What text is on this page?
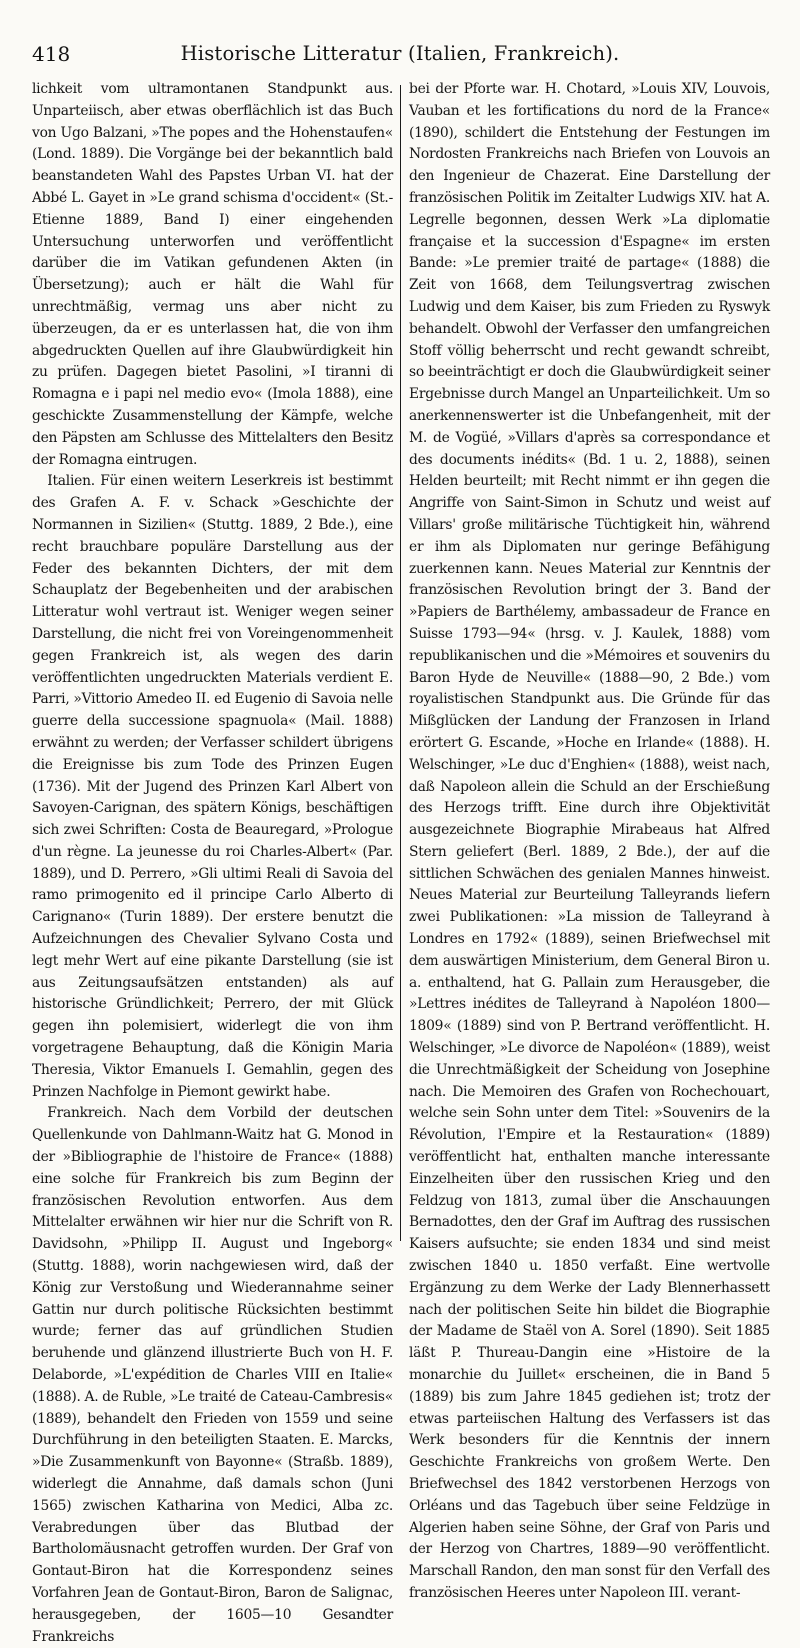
418	Historische Litteratur (Italien, Frankreich).

lichkeit vom ultramontanen Standpunkt aus. Unparteiisch, aber etwas oberflächlich ist das Buch von Ugo Balzani, »The popes and the Hohenstaufen« (Lond. 1889). Die Vorgänge bei der bekanntlich bald beanstandeten Wahl des Papstes Urban VI. hat der Abbé L. Gayet in »Le grand schisma d'occident« (St.-Etienne 1889, Band I) einer eingehenden Untersuchung unterworfen und veröffentlicht darüber die im Vatikan gefundenen Akten (in Übersetzung); auch er hält die Wahl für unrechtmäßig, vermag uns aber nicht zu überzeugen, da er es unterlassen hat, die von ihm abgedruckten Quellen auf ihre Glaubwürdigkeit hin zu prüfen. Dagegen bietet Pasolini, »I tiranni di Romagna e i papi nel medio evo« (Imola 1888), eine geschickte Zusammenstellung der Kämpfe, welche den Päpsten am Schlusse des Mittelalters den Besitz der Romagna eintrugen.

Italien. Für einen weitern Leserkreis ist bestimmt des Grafen A. F. v. Schack »Geschichte der Normannen in Sizilien« (Stuttg. 1889, 2 Bde.), eine recht brauchbare populäre Darstellung aus der Feder des bekannten Dichters, der mit dem Schauplatz der Begebenheiten und der arabischen Litteratur wohl vertraut ist. Weniger wegen seiner Darstellung, die nicht frei von Voreingenommenheit gegen Frankreich ist, als wegen des darin veröffentlichten ungedruckten Materials verdient E. Parri, »Vittorio Amedeo II. ed Eugenio di Savoia nelle guerre della successione spagnuola« (Mail. 1888) erwähnt zu werden; der Verfasser schildert übrigens die Ereignisse bis zum Tode des Prinzen Eugen (1736). Mit der Jugend des Prinzen Karl Albert von Savoyen-Carignan, des spätern Königs, beschäftigen sich zwei Schriften: Costa de Beauregard, »Prologue d'un règne. La jeunesse du roi Charles-Albert« (Par. 1889), und D. Perrero, »Gli ultimi Reali di Savoia del ramo primogenito ed il principe Carlo Alberto di Carignano« (Turin 1889). Der erstere benutzt die Aufzeichnungen des Chevalier Sylvano Costa und legt mehr Wert auf eine pikante Darstellung (sie ist aus Zeitungsaufsätzen entstanden) als auf historische Gründlichkeit; Perrero, der mit Glück gegen ihn polemisiert, widerlegt die von ihm vorgetragene Behauptung, daß die Königin Maria Theresia, Viktor Emanuels I. Gemahlin, gegen des Prinzen Nachfolge in Piemont gewirkt habe.

Frankreich. Nach dem Vorbild der deutschen Quellenkunde von Dahlmann-Waitz hat G. Monod in der »Bibliographie de l'histoire de France« (1888) eine solche für Frankreich bis zum Beginn der französischen Revolution entworfen. Aus dem Mittelalter erwähnen wir hier nur die Schrift von R. Davidsohn, »Philipp II. August und Ingeborg« (Stuttg. 1888), worin nachgewiesen wird, daß der König zur Verstoßung und Wiederannahme seiner Gattin nur durch politische Rücksichten bestimmt wurde; ferner das auf gründlichen Studien beruhende und glänzend illustrierte Buch von H. F. Delaborde, »L'expédition de Charles VIII en Italie« (1888). A. de Ruble, »Le traité de Cateau-Cambresis« (1889), behandelt den Frieden von 1559 und seine Durchführung in den beteiligten Staaten. E. Marcks, »Die Zusammenkunft von Bayonne« (Straßb. 1889), widerlegt die Annahme, daß damals schon (Juni 1565) zwischen Katharina von Medici, Alba zc. Verabredungen über das Blutbad der Bartholomäusnacht getroffen wurden. Der Graf von Gontaut-Biron hat die Korrespondenz seines Vorfahren Jean de Gontaut-Biron, Baron de Salignac, herausgegeben, der 1605—10 Gesandter Frankreichs

bei der Pforte war. H. Chotard, »Louis XIV, Louvois, Vauban et les fortifications du nord de la France« (1890), schildert die Entstehung der Festungen im Nordosten Frankreichs nach Briefen von Louvois an den Ingenieur de Chazerat. Eine Darstellung der französischen Politik im Zeitalter Ludwigs XIV. hat A. Legrelle begonnen, dessen Werk »La diplomatie française et la succession d'Espagne« im ersten Bande: »Le premier traité de partage« (1888) die Zeit von 1668, dem Teilungsvertrag zwischen Ludwig und dem Kaiser, bis zum Frieden zu Ryswyk behandelt. Obwohl der Verfasser den umfangreichen Stoff völlig beherrscht und recht gewandt schreibt, so beeinträchtigt er doch die Glaubwürdigkeit seiner Ergebnisse durch Mangel an Unparteilichkeit. Um so anerkennenswerter ist die Unbefangenheit, mit der M. de Vogüé, »Villars d'après sa correspondance et des documents inédits« (Bd. 1 u. 2, 1888), seinen Helden beurteilt; mit Recht nimmt er ihn gegen die Angriffe von Saint-Simon in Schutz und weist auf Villars' große militärische Tüchtigkeit hin, während er ihm als Diplomaten nur geringe Befähigung zuerkennen kann. Neues Material zur Kenntnis der französischen Revolution bringt der 3. Band der »Papiers de Barthélemy, ambassadeur de France en Suisse 1793—94« (hrsg. v. J. Kaulek, 1888) vom republikanischen und die »Mémoires et souvenirs du Baron Hyde de Neuville« (1888—90, 2 Bde.) vom royalistischen Standpunkt aus. Die Gründe für das Mißglücken der Landung der Franzosen in Irland erörtert G. Escande, »Hoche en Irlande« (1888). H. Welschinger, »Le duc d'Enghien« (1888), weist nach, daß Napoleon allein die Schuld an der Erschießung des Herzogs trifft. Eine durch ihre Objektivität ausgezeichnete Biographie Mirabeaus hat Alfred Stern geliefert (Berl. 1889, 2 Bde.), der auf die sittlichen Schwächen des genialen Mannes hinweist. Neues Material zur Beurteilung Talleyrands liefern zwei Publikationen: »La mission de Talleyrand à Londres en 1792« (1889), seinen Briefwechsel mit dem auswärtigen Ministerium, dem General Biron u. a. enthaltend, hat G. Pallain zum Herausgeber, die »Lettres inédites de Talleyrand à Napoléon 1800—1809« (1889) sind von P. Bertrand veröffentlicht. H. Welschinger, »Le divorce de Napoléon« (1889), weist die Unrechtmäßigkeit der Scheidung von Josephine nach. Die Memoiren des Grafen von Rochechouart, welche sein Sohn unter dem Titel: »Souvenirs de la Révolution, l'Empire et la Restauration« (1889) veröffentlicht hat, enthalten manche interessante Einzelheiten über den russischen Krieg und den Feldzug von 1813, zumal über die Anschauungen Bernadottes, den der Graf im Auftrag des russischen Kaisers aufsuchte; sie enden 1834 und sind meist zwischen 1840 u. 1850 verfaßt. Eine wertvolle Ergänzung zu dem Werke der Lady Blennerhassett nach der politischen Seite hin bildet die Biographie der Madame de Staël von A. Sorel (1890). Seit 1885 läßt P. Thureau-Dangin eine »Histoire de la monarchie du Juillet« erscheinen, die in Band 5 (1889) bis zum Jahre 1845 gediehen ist; trotz der etwas parteiischen Haltung des Verfassers ist das Werk besonders für die Kenntnis der innern Geschichte Frankreichs von großem Werte. Den Briefwechsel des 1842 verstorbenen Herzogs von Orléans und das Tagebuch über seine Feldzüge in Algerien haben seine Söhne, der Graf von Paris und der Herzog von Chartres, 1889—90 veröffentlicht. Marschall Randon, den man sonst für den Verfall des französischen Heeres unter Napoleon III. verant-
